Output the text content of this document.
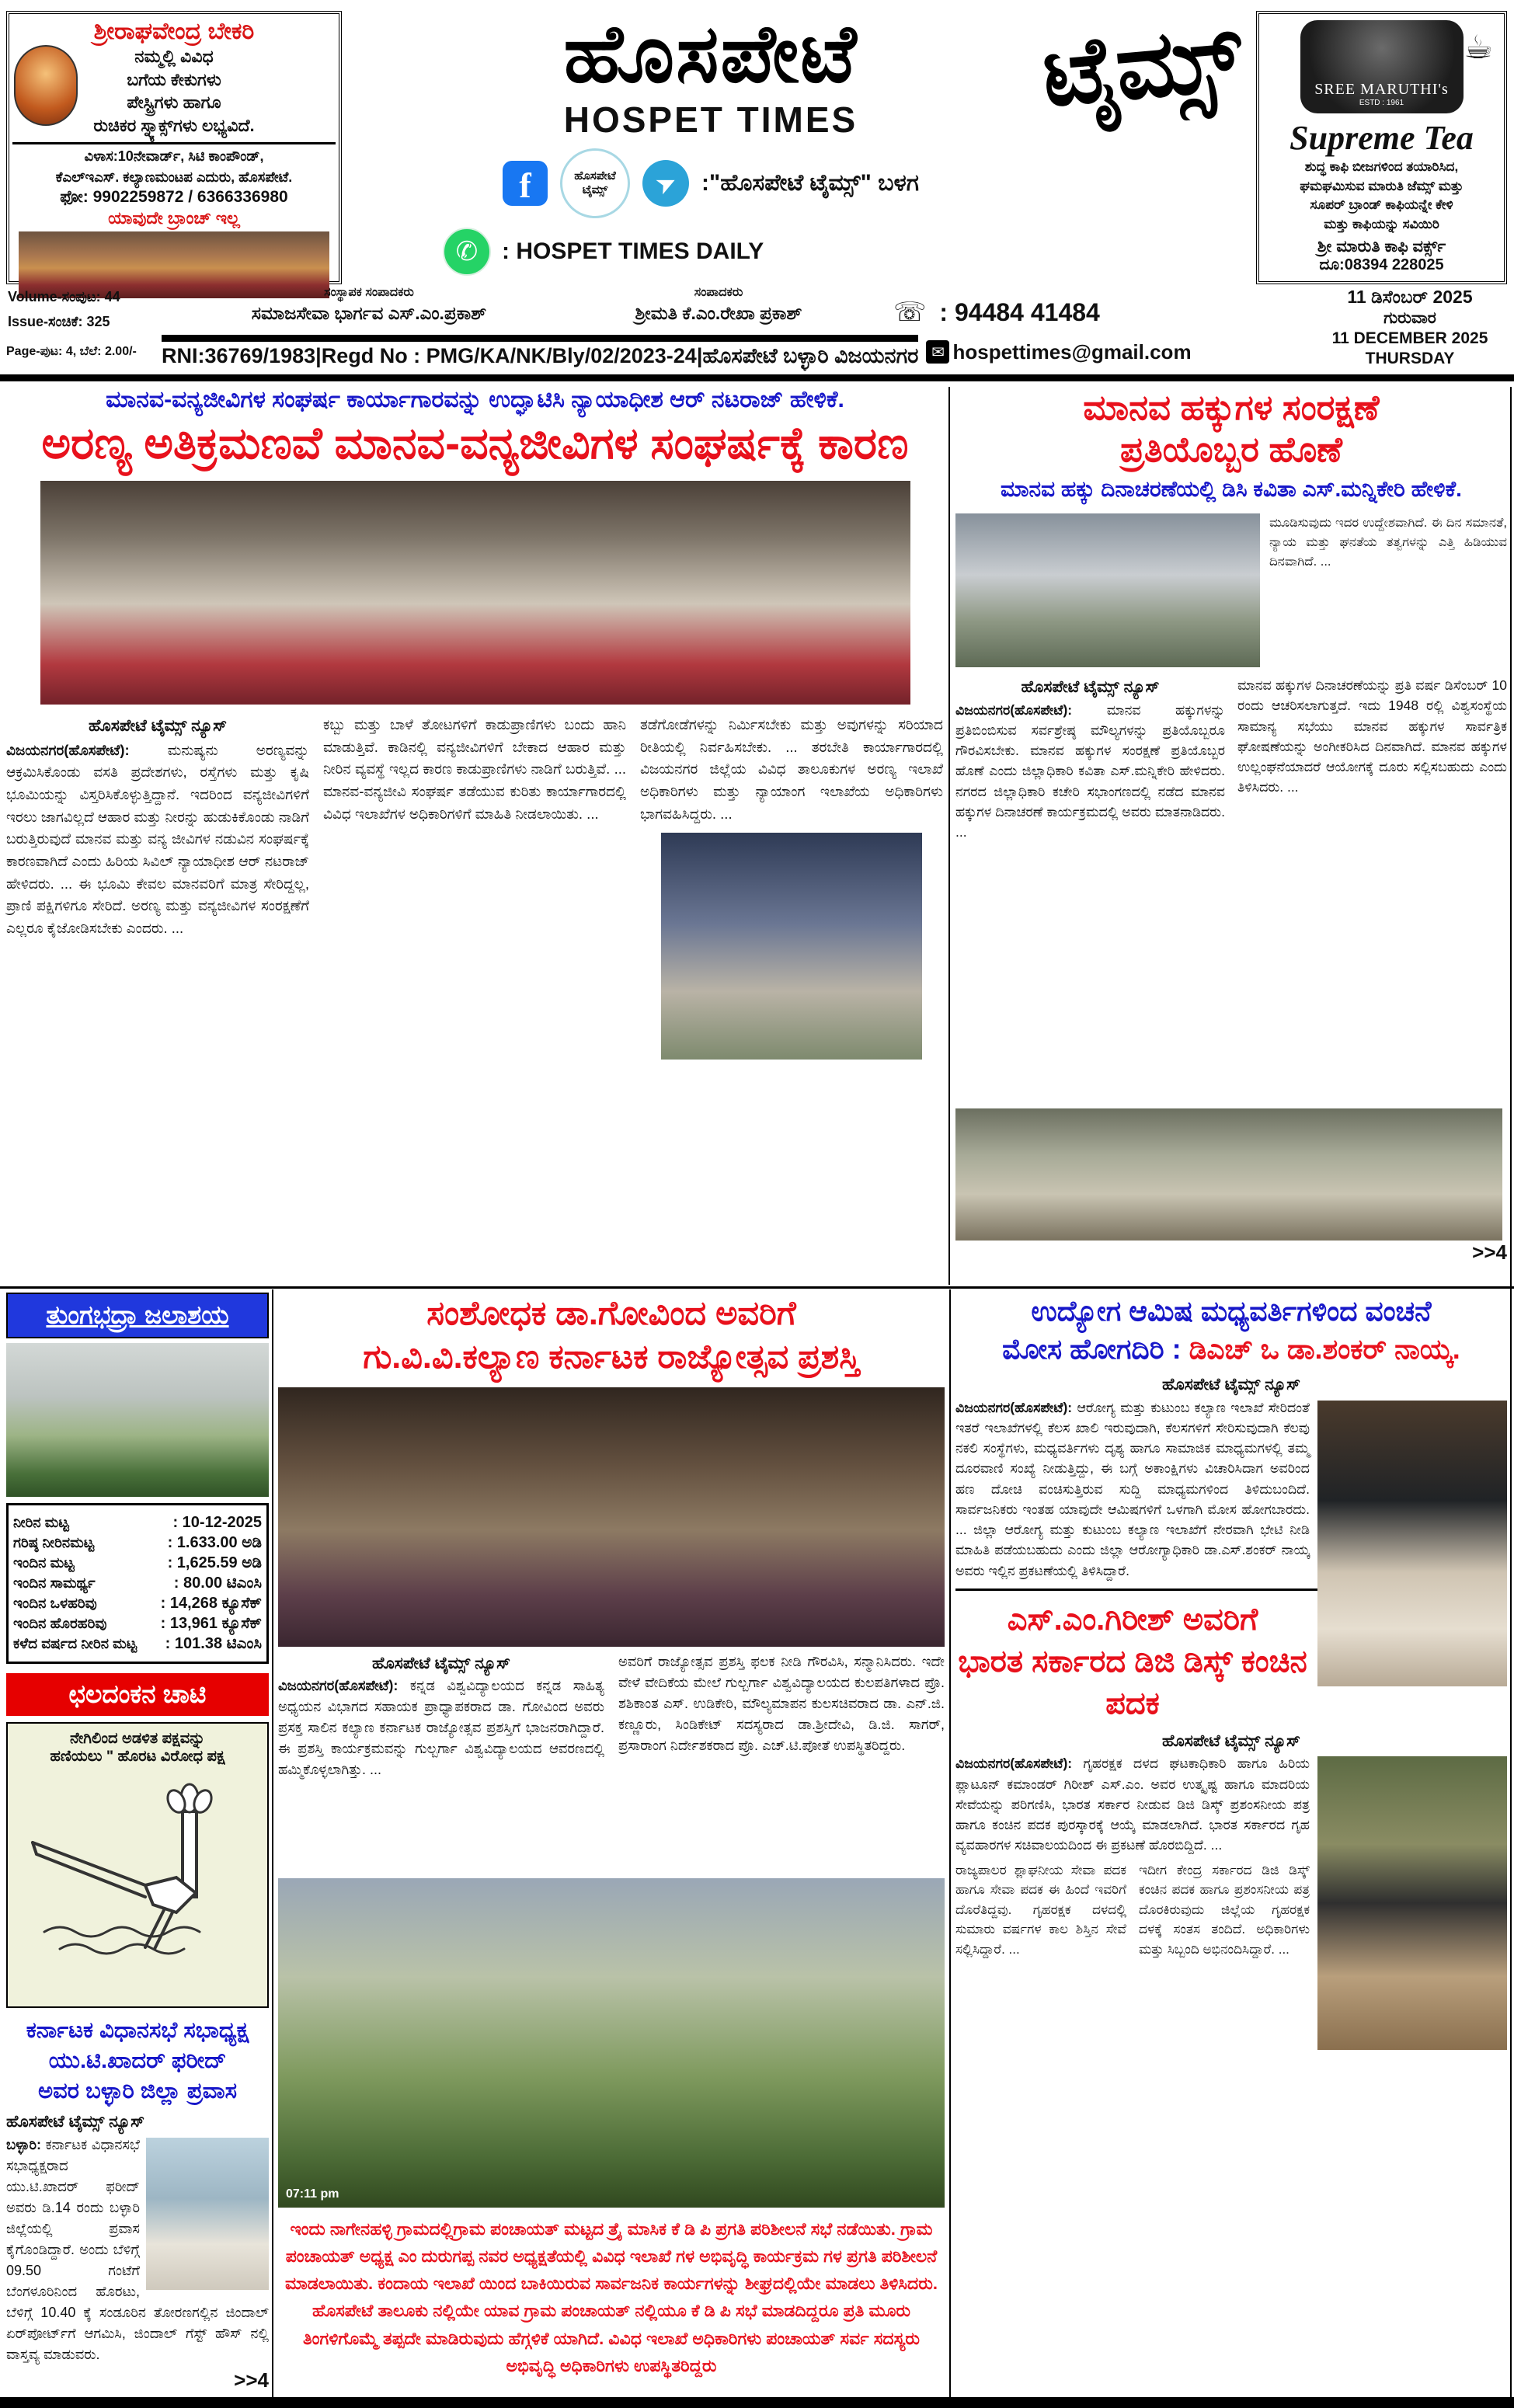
ಶ್ರೀರಾಘವೇಂದ್ರ ಬೇಕರಿ
ನಮ್ಮಲ್ಲಿ ವಿವಿಧ
ಬಗೆಯ ಕೇಕುಗಳು
ಪೇಸ್ಟ್ರಿಗಳು ಹಾಗೂ
ರುಚಿಕರ ಸ್ನ್ಯಾಕ್ಸ್‌ಗಳು ಲಭ್ಯವಿದೆ.
ವಿಳಾಸ:10ನೇವಾರ್ಡ್, ಸಿಟಿ ಕಾಂಪೌಂಡ್,
ಕೆಎಲ್‌ಇಎಸ್. ಕಲ್ಯಾಣಮಂಟಪ ಎದುರು, ಹೊಸಪೇಟೆ.
ಫೋ: 9902259872 / 6366336980
ಯಾವುದೇ ಬ್ರಾಂಚ್ ಇಲ್ಲ
ಹೊಸಪೇಟೆ
HOSPET TIMES
f	ಹೊಸಪೇಟೆ
ಟೈಮ್ಸ್ ➤ :"ಹೊಸಪೇಟೆ ಟೈಮ್ಸ್" ಬಳಗ
✆	: HOSPET TIMES DAILY
ಟೈಮ್ಸ್	☕
SREE MARUTHI's
ESTD : 1961
Supreme Tea
ಶುದ್ಧ ಕಾಫಿ ಬೀಜಗಳಿಂದ ತಯಾರಿಸಿದ,
ಘಮಘಮಿಸುವ ಮಾರುತಿ ಜೆಮ್ಸ್ ಮತ್ತು
ಸೂಪರ್ ಬ್ರಾಂಡ್ ಕಾಫಿಯನ್ನೇ ಕೇಳಿ
ಮತ್ತು ಕಾಫಿಯನ್ನು ಸವಿಯಿರಿ
ಶ್ರೀ ಮಾರುತಿ ಕಾಫಿ ವರ್ಕ್ಸ್
ದೂ:08394 228025
Volume-ಸಂಪುಟ: 44
Issue-ಸಂಚಿಕೆ: 325
ಸಂಸ್ಥಾಪಕ ಸಂಪಾದಕರು
ಸಮಾಜಸೇವಾ ಭಾರ್ಗವ ಎಸ್.ಎಂ.ಪ್ರಕಾಶ್
ಸಂಪಾದಕರು
ಶ್ರೀಮತಿ ಕೆ.ಎಂ.ರೇಖಾ ಪ್ರಕಾಶ್	☏ : 94484 41484
11 ಡಿಸೆಂಬರ್ 2025
ಗುರುವಾರ
11 DECEMBER 2025
THURSDAY
Page-ಪುಟ: 4, ಬೆಲೆ: 2.00/-	RNI:36769/1983|Regd No : PMG/KA/NK/Bly/02/2023-24|ಹೊಸಪೇಟೆ ಬಳ್ಳಾರಿ ವಿಜಯನಗರ ✉ hospettimes@gmail.com
ಮಾನವ-ವನ್ಯಜೀವಿಗಳ ಸಂಘರ್ಷ ಕಾರ್ಯಾಗಾರವನ್ನು ಉದ್ಘಾಟಿಸಿ ನ್ಯಾಯಾಧೀಶ ಆರ್ ನಟರಾಜ್ ಹೇಳಿಕೆ.
ಅರಣ್ಯ ಅತಿಕ್ರಮಣವೆ ಮಾನವ-ವನ್ಯಜೀವಿಗಳ ಸಂಘರ್ಷಕ್ಕೆ ಕಾರಣ
ಹೊಸಪೇಟೆ ಟೈಮ್ಸ್ ನ್ಯೂಸ್
ವಿಜಯನಗರ(ಹೊಸಪೇಟೆ):	ಮನುಷ್ಯನು ಅರಣ್ಯವನ್ನು ಆಕ್ರಮಿಸಿಕೊಂಡು ವಸತಿ ಪ್ರದೇಶಗಳು, ರಸ್ತೆಗಳು ಮತ್ತು ಕೃಷಿ ಭೂಮಿಯನ್ನು ವಿಸ್ತರಿಸಿಕೊಳ್ಳುತ್ತಿದ್ದಾನೆ. ಇದರಿಂದ ವನ್ಯಜೀವಿಗಳಿಗೆ ಇರಲು ಜಾಗವಿಲ್ಲದೆ ಆಹಾರ ಮತ್ತು ನೀರನ್ನು ಹುಡುಕಿಕೊಂಡು ನಾಡಿಗೆ ಬರುತ್ತಿರುವುದೆ ಮಾನವ ಮತ್ತು ವನ್ಯ ಜೀವಿಗಳ ನಡುವಿನ ಸಂಘರ್ಷಕ್ಕೆ ಕಾರಣವಾಗಿದೆ ಎಂದು ಹಿರಿಯ ಸಿವಿಲ್ ನ್ಯಾಯಾಧೀಶ ಆರ್ ನಟರಾಜ್ ಹೇಳಿದರು. ... ಈ ಭೂಮಿ ಕೇವಲ ಮಾನವರಿಗೆ ಮಾತ್ರ ಸೇರಿದ್ದಲ್ಲ, ಪ್ರಾಣಿ ಪಕ್ಷಿಗಳಿಗೂ ಸೇರಿದೆ. ಅರಣ್ಯ ಮತ್ತು ವನ್ಯಜೀವಿಗಳ ಸಂರಕ್ಷಣೆಗೆ ಎಲ್ಲರೂ ಕೈಜೋಡಿಸಬೇಕು ಎಂದರು. ...
ಕಬ್ಬು ಮತ್ತು ಬಾಳೆ ತೋಟಗಳಿಗೆ ಕಾಡುಪ್ರಾಣಿಗಳು ಬಂದು ಹಾನಿ ಮಾಡುತ್ತಿವೆ. ಕಾಡಿನಲ್ಲಿ ವನ್ಯಜೀವಿಗಳಿಗೆ ಬೇಕಾದ ಆಹಾರ ಮತ್ತು ನೀರಿನ ವ್ಯವಸ್ಥೆ ಇಲ್ಲದ ಕಾರಣ ಕಾಡುಪ್ರಾಣಿಗಳು ನಾಡಿಗೆ ಬರುತ್ತಿವೆ. ... ಮಾನವ-ವನ್ಯಜೀವಿ ಸಂಘರ್ಷ ತಡೆಯುವ ಕುರಿತು ಕಾರ್ಯಾಗಾರದಲ್ಲಿ ವಿವಿಧ ಇಲಾಖೆಗಳ ಅಧಿಕಾರಿಗಳಿಗೆ ಮಾಹಿತಿ ನೀಡಲಾಯಿತು. ...
ತಡೆಗೋಡೆಗಳನ್ನು ನಿರ್ಮಿಸಬೇಕು ಮತ್ತು ಅವುಗಳನ್ನು ಸರಿಯಾದ ರೀತಿಯಲ್ಲಿ ನಿರ್ವಹಿಸಬೇಕು. ... ತರಬೇತಿ ಕಾರ್ಯಾಗಾರದಲ್ಲಿ ವಿಜಯನಗರ ಜಿಲ್ಲೆಯ ವಿವಿಧ ತಾಲೂಕುಗಳ ಅರಣ್ಯ ಇಲಾಖೆ ಅಧಿಕಾರಿಗಳು ಮತ್ತು ನ್ಯಾಯಾಂಗ ಇಲಾಖೆಯ ಅಧಿಕಾರಿಗಳು ಭಾಗವಹಿಸಿದ್ದರು. ...
ಮಾನವ ಹಕ್ಕುಗಳ ಸಂರಕ್ಷಣೆ
ಪ್ರತಿಯೊಬ್ಬರ ಹೊಣೆ
ಮಾನವ ಹಕ್ಕು ದಿನಾಚರಣೆಯಲ್ಲಿ ಡಿಸಿ ಕವಿತಾ ಎಸ್.ಮನ್ನಿಕೇರಿ ಹೇಳಿಕೆ.
ಮೂಡಿಸುವುದು ಇದರ ಉದ್ದೇಶವಾಗಿದೆ. ಈ ದಿನ ಸಮಾನತೆ, ನ್ಯಾಯ ಮತ್ತು ಘನತೆಯ ತತ್ವಗಳನ್ನು ಎತ್ತಿ ಹಿಡಿಯುವ ದಿನವಾಗಿದೆ. ...
ಹೊಸಪೇಟೆ ಟೈಮ್ಸ್ ನ್ಯೂಸ್
ವಿಜಯನಗರ(ಹೊಸಪೇಟೆ):	ಮಾನವ ಹಕ್ಕುಗಳನ್ನು ಪ್ರತಿಬಿಂಬಿಸುವ ಸರ್ವಶ್ರೇಷ್ಠ ಮೌಲ್ಯಗಳನ್ನು ಪ್ರತಿಯೊಬ್ಬರೂ ಗೌರವಿಸಬೇಕು. ಮಾನವ ಹಕ್ಕುಗಳ ಸಂರಕ್ಷಣೆ ಪ್ರತಿಯೊಬ್ಬರ ಹೊಣೆ ಎಂದು ಜಿಲ್ಲಾಧಿಕಾರಿ ಕವಿತಾ ಎಸ್.ಮನ್ನಿಕೇರಿ ಹೇಳಿದರು. ನಗರದ ಜಿಲ್ಲಾಧಿಕಾರಿ ಕಚೇರಿ ಸಭಾಂಗಣದಲ್ಲಿ ನಡೆದ ಮಾನವ ಹಕ್ಕುಗಳ ದಿನಾಚರಣೆ ಕಾರ್ಯಕ್ರಮದಲ್ಲಿ ಅವರು ಮಾತನಾಡಿದರು. ...
ಮಾನವ ಹಕ್ಕುಗಳ ದಿನಾಚರಣೆಯನ್ನು ಪ್ರತಿ ವರ್ಷ ಡಿಸೆಂಬರ್ 10 ರಂದು ಆಚರಿಸಲಾಗುತ್ತದೆ. ಇದು 1948 ರಲ್ಲಿ ವಿಶ್ವಸಂಸ್ಥೆಯ ಸಾಮಾನ್ಯ ಸಭೆಯು ಮಾನವ ಹಕ್ಕುಗಳ ಸಾರ್ವತ್ರಿಕ ಘೋಷಣೆಯನ್ನು ಅಂಗೀಕರಿಸಿದ ದಿನವಾಗಿದೆ. ಮಾನವ ಹಕ್ಕುಗಳ ಉಲ್ಲಂಘನೆಯಾದರೆ ಆಯೋಗಕ್ಕೆ ದೂರು ಸಲ್ಲಿಸಬಹುದು ಎಂದು ತಿಳಿಸಿದರು. ...
>>4
ತುಂಗಭದ್ರಾ ಜಲಾಶಯ
ನೀರಿನ ಮಟ್ಟ	: 10-12-2025
ಗರಿಷ್ಠ ನೀರಿನಮಟ್ಟ	: 1.633.00 ಅಡಿ
ಇಂದಿನ ಮಟ್ಟ	: 1,625.59 ಅಡಿ
ಇಂದಿನ ಸಾಮರ್ಥ್ಯ	: 80.00 ಟಿಎಂಸಿ
ಇಂದಿನ ಒಳಹರಿವು	: 14,268 ಕ್ಯೂಸೆಕ್
ಇಂದಿನ ಹೊರಹರಿವು	: 13,961 ಕ್ಯೂಸೆಕ್
ಕಳೆದ ವರ್ಷದ ನೀರಿನ ಮಟ್ಟ : 101.38 ಟಿಎಂಸಿ
ಛಲದಂಕನ ಚಾಟಿ
ನೇಗಿಲಿಂದ ಅಡಳಿತ ಪಕ್ಷವನ್ನು
ಹಣಿಯಲು " ಹೊರಟ ವಿರೋಧ ಪಕ್ಷ
ಕರ್ನಾಟಕ ವಿಧಾನಸಭೆ ಸಭಾಧ್ಯಕ್ಷ
ಯು.ಟಿ.ಖಾದರ್ ಫರೀದ್
ಅವರ ಬಳ್ಳಾರಿ ಜಿಲ್ಲಾ ಪ್ರವಾಸ
ಹೊಸಪೇಟೆ ಟೈಮ್ಸ್ ನ್ಯೂಸ್
ಬಳ್ಳಾರಿ: ಕರ್ನಾಟಕ ವಿಧಾನಸಭೆ ಸಭಾಧ್ಯಕ್ಷರಾದ ಯು.ಟಿ.ಖಾದರ್ ಫರೀದ್ ಅವರು ಡಿ.14 ರಂದು ಬಳ್ಳಾರಿ ಜಿಲ್ಲೆಯಲ್ಲಿ ಪ್ರವಾಸ ಕೈಗೊಂಡಿದ್ದಾರೆ. ಅಂದು ಬೆಳಿಗ್ಗೆ 09.50 ಗಂಟೆಗೆ ಬೆಂಗಳೂರಿನಿಂದ ಹೊರಟು, ಬೆಳಿಗ್ಗೆ 10.40 ಕ್ಕೆ ಸಂಡೂರಿನ ತೋರಣಗಲ್ಲಿನ ಜಿಂದಾಲ್ ಏರ್‌ಪೋರ್ಟ್‌ಗೆ ಆಗಮಿಸಿ, ಜಿಂದಾಲ್ ಗೆಸ್ಟ್ ಹೌಸ್ ನಲ್ಲಿ ವಾಸ್ತವ್ಯ ಮಾಡುವರು.
>>4
ಸಂಶೋಧಕ ಡಾ.ಗೋವಿಂದ ಅವರಿಗೆ
ಗು.ವಿ.ವಿ.ಕಲ್ಯಾಣ ಕರ್ನಾಟಕ ರಾಜ್ಯೋತ್ಸವ ಪ್ರಶಸ್ತಿ
ಹೊಸಪೇಟೆ ಟೈಮ್ಸ್ ನ್ಯೂಸ್
ವಿಜಯನಗರ(ಹೊಸಪೇಟೆ): ಕನ್ನಡ ವಿಶ್ವವಿದ್ಯಾಲಯದ ಕನ್ನಡ ಸಾಹಿತ್ಯ ಅಧ್ಯಯನ ವಿಭಾಗದ ಸಹಾಯಕ ಪ್ರಾಧ್ಯಾಪಕರಾದ ಡಾ. ಗೋವಿಂದ ಅವರು ಪ್ರಸಕ್ತ ಸಾಲಿನ ಕಲ್ಯಾಣ ಕರ್ನಾಟಕ ರಾಜ್ಯೋತ್ಸವ ಪ್ರಶಸ್ತಿಗೆ ಭಾಜನರಾಗಿದ್ದಾರೆ. ಈ ಪ್ರಶಸ್ತಿ ಕಾರ್ಯಕ್ರಮವನ್ನು ಗುಲ್ಬರ್ಗಾ ವಿಶ್ವವಿದ್ಯಾಲಯದ ಆವರಣದಲ್ಲಿ ಹಮ್ಮಿಕೊಳ್ಳಲಾಗಿತ್ತು. ...
ಅವರಿಗೆ ರಾಜ್ಯೋತ್ಸವ ಪ್ರಶಸ್ತಿ ಫಲಕ ನೀಡಿ ಗೌರವಿಸಿ, ಸನ್ಮಾನಿಸಿದರು. ಇದೇ ವೇಳೆ ವೇದಿಕೆಯ ಮೇಲೆ ಗುಲ್ಬರ್ಗಾ ವಿಶ್ವವಿದ್ಯಾಲಯದ ಕುಲಪತಿಗಳಾದ ಪ್ರೊ. ಶಶಿಕಾಂತ ಎಸ್. ಉಡಿಕೇರಿ, ಮೌಲ್ಯಮಾಪನ ಕುಲಸಚಿವರಾದ ಡಾ. ಎನ್.ಜಿ. ಕಣ್ಣೂರು, ಸಿಂಡಿಕೇಟ್ ಸದಸ್ಯರಾದ ಡಾ.ಶ್ರೀದೇವಿ, ಡಿ.ಜಿ. ಸಾಗರ್, ಪ್ರಸಾರಾಂಗ ನಿರ್ದೇಶಕರಾದ ಪ್ರೊ. ಎಚ್.ಟಿ.ಪೋತೆ ಉಪಸ್ಥಿತರಿದ್ದರು.
07:11 pm
ಇಂದು ನಾಗೇನಹಳ್ಳಿ ಗ್ರಾಮದಲ್ಲಿಗ್ರಾಮ ಪಂಚಾಯತ್ ಮಟ್ಟದ ತ್ರೈ ಮಾಸಿಕ ಕೆ ಡಿ ಪಿ ಪ್ರಗತಿ ಪರಿಶೀಲನೆ ಸಭೆ ನಡೆಯಿತು. ಗ್ರಾಮ ಪಂಚಾಯತ್ ಅಧ್ಯಕ್ಷ ಎಂ ದುರುಗಪ್ಪ ನವರ ಅಧ್ಯಕ್ಷತೆಯಲ್ಲಿ ವಿವಿಧ ಇಲಾಖೆ ಗಳ ಅಭಿವೃದ್ಧಿ ಕಾರ್ಯಕ್ರಮ ಗಳ ಪ್ರಗತಿ ಪರಿಶೀಲನೆ ಮಾಡಲಾಯಿತು. ಕಂದಾಯ ಇಲಾಖೆ ಯಿಂದ ಬಾಕಿಯಿರುವ ಸಾರ್ವಜನಿಕ ಕಾರ್ಯಗಳನ್ನು ಶೀಘ್ರದಲ್ಲಿಯೇ ಮಾಡಲು ತಿಳಿಸಿದರು. ಹೊಸಪೇಟೆ ತಾಲೂಕು ನಲ್ಲಿಯೇ ಯಾವ ಗ್ರಾಮ ಪಂಚಾಯತ್ ನಲ್ಲಿಯೂ ಕೆ ಡಿ ಪಿ ಸಭೆ ಮಾಡದಿದ್ದರೂ ಪ್ರತಿ ಮೂರು ತಿಂಗಳಿಗೊಮ್ಮೆ ತಪ್ಪದೇ ಮಾಡಿರುವುದು ಹೆಗ್ಗಳಿಕೆ ಯಾಗಿದೆ. ವಿವಿಧ ಇಲಾಖೆ ಅಧಿಕಾರಿಗಳು ಪಂಚಾಯತ್ ಸರ್ವ ಸದಸ್ಯರು ಅಭಿವೃದ್ಧಿ ಅಧಿಕಾರಿಗಳು ಉಪಸ್ಥಿತರಿದ್ದರು
ಉದ್ಯೋಗ ಆಮಿಷ ಮಧ್ಯವರ್ತಿಗಳಿಂದ ವಂಚನೆ
ಮೋಸ ಹೋಗದಿರಿ : ಡಿಎಚ್ ಒ ಡಾ.ಶಂಕರ್ ನಾಯ್ಕ.
ಹೊಸಪೇಟೆ ಟೈಮ್ಸ್ ನ್ಯೂಸ್
ವಿಜಯನಗರ(ಹೊಸಪೇಟೆ): ಆರೋಗ್ಯ ಮತ್ತು ಕುಟುಂಬ ಕಲ್ಯಾಣ ಇಲಾಖೆ ಸೇರಿದಂತೆ ಇತರೆ ಇಲಾಖೆಗಳಲ್ಲಿ ಕೆಲಸ ಖಾಲಿ ಇರುವುದಾಗಿ, ಕೆಲಸಗಳಿಗೆ ಸೇರಿಸುವುದಾಗಿ ಕೆಲವು ನಕಲಿ ಸಂಸ್ಥೆಗಳು, ಮಧ್ಯವರ್ತಿಗಳು ದೃಶ್ಯ ಹಾಗೂ ಸಾಮಾಜಿಕ ಮಾಧ್ಯಮಗಳಲ್ಲಿ ತಮ್ಮ ದೂರವಾಣಿ ಸಂಖ್ಯೆ ನೀಡುತ್ತಿದ್ದು, ಈ ಬಗ್ಗೆ ಅಕಾಂಕ್ಷಿಗಳು ವಿಚಾರಿಸಿದಾಗ ಅವರಿಂದ ಹಣ ದೋಚಿ ವಂಚಿಸುತ್ತಿರುವ ಸುದ್ದಿ ಮಾಧ್ಯಮಗಳಿಂದ ತಿಳಿದುಬಂದಿದೆ. ಸಾರ್ವಜನಿಕರು ಇಂತಹ ಯಾವುದೇ ಆಮಿಷಗಳಿಗೆ ಒಳಗಾಗಿ ಮೋಸ ಹೋಗಬಾರದು. ... ಜಿಲ್ಲಾ ಆರೋಗ್ಯ ಮತ್ತು ಕುಟುಂಬ ಕಲ್ಯಾಣ ಇಲಾಖೆಗೆ ನೇರವಾಗಿ ಭೇಟಿ ನೀಡಿ ಮಾಹಿತಿ ಪಡೆಯಬಹುದು ಎಂದು ಜಿಲ್ಲಾ ಆರೋಗ್ಯಾಧಿಕಾರಿ ಡಾ.ಎಸ್.ಶಂಕರ್ ನಾಯ್ಕ ಅವರು ಇಲ್ಲಿನ ಪ್ರಕಟಣೆಯಲ್ಲಿ ತಿಳಿಸಿದ್ದಾರೆ.
ಎಸ್.ಎಂ.ಗಿರೀಶ್ ಅವರಿಗೆ
ಭಾರತ ಸರ್ಕಾರದ ಡಿಜಿ ಡಿಸ್ಕ್ ಕಂಚಿನ ಪದಕ
ಹೊಸಪೇಟೆ ಟೈಮ್ಸ್ ನ್ಯೂಸ್
ವಿಜಯನಗರ(ಹೊಸಪೇಟೆ): ಗೃಹರಕ್ಷಕ ದಳದ ಘಟಕಾಧಿಕಾರಿ ಹಾಗೂ ಹಿರಿಯ ಪ್ಲಾಟೂನ್ ಕಮಾಂಡರ್ ಗಿರೀಶ್ ಎಸ್.ಎಂ. ಅವರ ಉತ್ಕೃಷ್ಟ ಹಾಗೂ ಮಾದರಿಯ ಸೇವೆಯನ್ನು ಪರಿಗಣಿಸಿ, ಭಾರತ ಸರ್ಕಾರ ನೀಡುವ ಡಿಜಿ ಡಿಸ್ಕ್ ಪ್ರಶಂಸನೀಯ ಪತ್ರ ಹಾಗೂ ಕಂಚಿನ ಪದಕ ಪುರಸ್ಕಾರಕ್ಕೆ ಆಯ್ಕೆ ಮಾಡಲಾಗಿದೆ. ಭಾರತ ಸರ್ಕಾರದ ಗೃಹ ವ್ಯವಹಾರಗಳ ಸಚಿವಾಲಯದಿಂದ ಈ ಪ್ರಕಟಣೆ ಹೊರಬಿದ್ದಿದೆ. ...
ರಾಜ್ಯಪಾಲರ ಶ್ಲಾಘನೀಯ ಸೇವಾ ಪದಕ ಹಾಗೂ ಸೇವಾ ಪದಕ ಈ ಹಿಂದೆ ಇವರಿಗೆ ದೊರೆತಿದ್ದವು. ಗೃಹರಕ್ಷಕ ದಳದಲ್ಲಿ ಸುಮಾರು ವರ್ಷಗಳ ಕಾಲ ಶಿಸ್ತಿನ ಸೇವೆ ಸಲ್ಲಿಸಿದ್ದಾರೆ. ...
ಇದೀಗ ಕೇಂದ್ರ ಸರ್ಕಾರದ ಡಿಜಿ ಡಿಸ್ಕ್ ಕಂಚಿನ ಪದಕ ಹಾಗೂ ಪ್ರಶಂಸನೀಯ ಪತ್ರ ದೊರಕಿರುವುದು ಜಿಲ್ಲೆಯ ಗೃಹರಕ್ಷಕ ದಳಕ್ಕೆ ಸಂತಸ ತಂದಿದೆ. ಅಧಿಕಾರಿಗಳು ಮತ್ತು ಸಿಬ್ಬಂದಿ ಅಭಿನಂದಿಸಿದ್ದಾರೆ. ...
